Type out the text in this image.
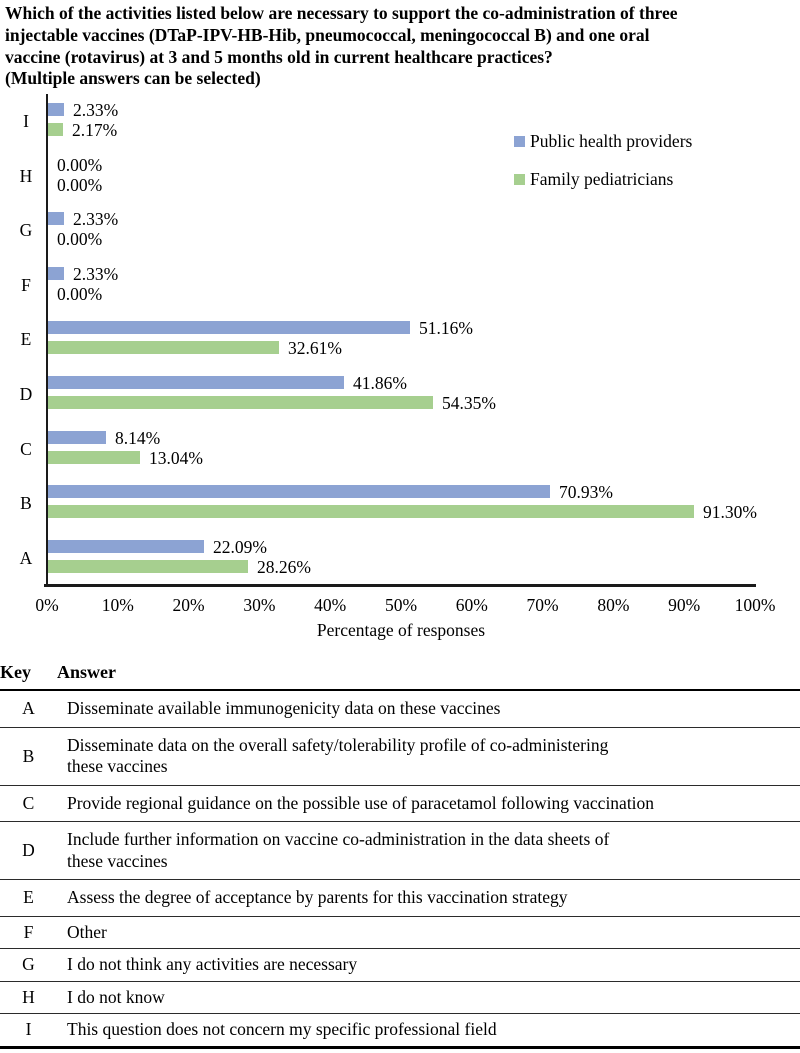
Which of the activities listed below are necessary to support the co-administration of three
injectable vaccines (DTaP-IPV-HB-Hib, pneumococcal, meningococcal B) and one oral
vaccine (rotavirus) at 3 and 5 months old in current healthcare practices?
(Multiple answers can be selected)
I
2.33%
2.17%
H
0.00%
0.00%
G
2.33%
0.00%
F
2.33%
0.00%
E
51.16%
32.61%
D
41.86%
54.35%
C
8.14%
13.04%
B
70.93%
91.30%
A
22.09%
28.26%
Public health providers
Family pediatricians
0% 10% 20% 30% 40% 50% 60% 70% 80% 90% 100%
Percentage of responses
Key	Answer
A	Disseminate available immunogenicity data on these vaccines

B	Disseminate data on the overall safety/tolerability profile of co-administering
these vaccines

C	Provide regional guidance on the possible use of paracetamol following vaccination

D	Include further information on vaccine co-administration in the data sheets of
these vaccines

E	Assess the degree of acceptance by parents for this vaccination strategy

F	Other

G	I do not think any activities are necessary

H	I do not know

I	This question does not concern my specific professional field
